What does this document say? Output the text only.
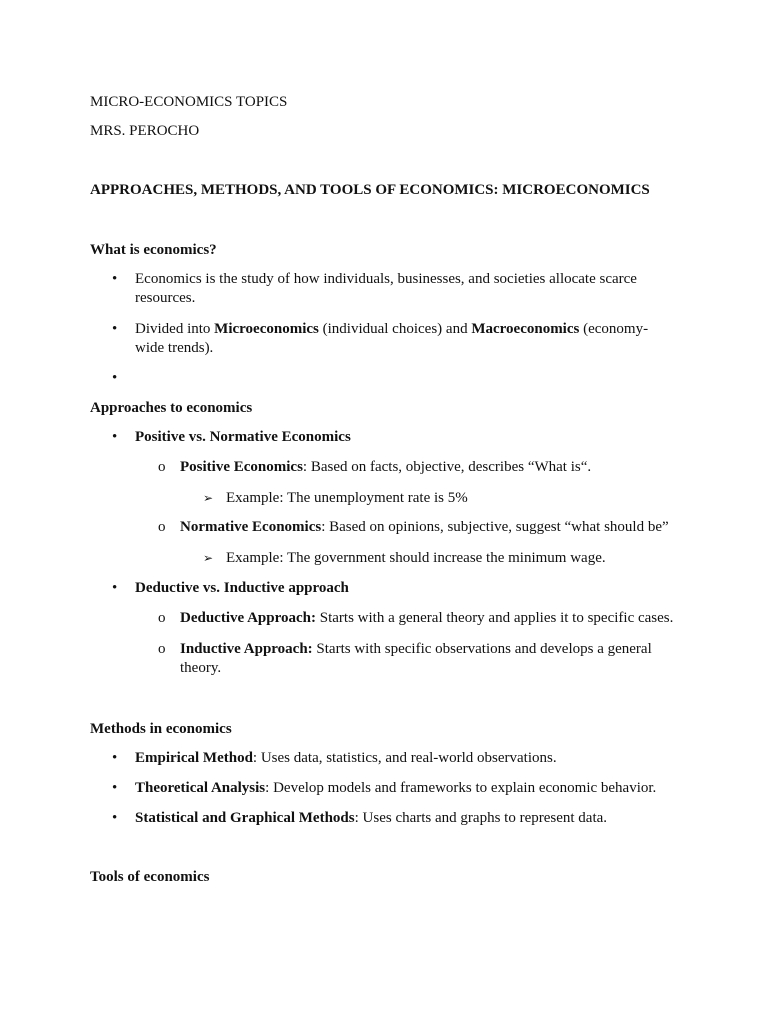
MICRO-ECONOMICS TOPICS
MRS. PEROCHO
APPROACHES, METHODS, AND TOOLS OF ECONOMICS: MICROECONOMICS
What is economics?
• Economics is the study of how individuals, businesses, and societies allocate scarce
resources.
• Divided into Microeconomics (individual choices) and Macroeconomics (economy-
wide trends).
•
Approaches to economics
• Positive vs. Normative Economics
o Positive Economics: Based on facts, objective, describes “What is“.
➢ Example: The unemployment rate is 5%
o Normative Economics: Based on opinions, subjective, suggest “what should be”
➢ Example: The government should increase the minimum wage.
• Deductive vs. Inductive approach
o Deductive Approach: Starts with a general theory and applies it to specific cases.
o Inductive Approach: Starts with specific observations and develops a general
theory.
Methods in economics
• Empirical Method: Uses data, statistics, and real-world observations.
• Theoretical Analysis: Develop models and frameworks to explain economic behavior.
• Statistical and Graphical Methods: Uses charts and graphs to represent data.
Tools of economics
